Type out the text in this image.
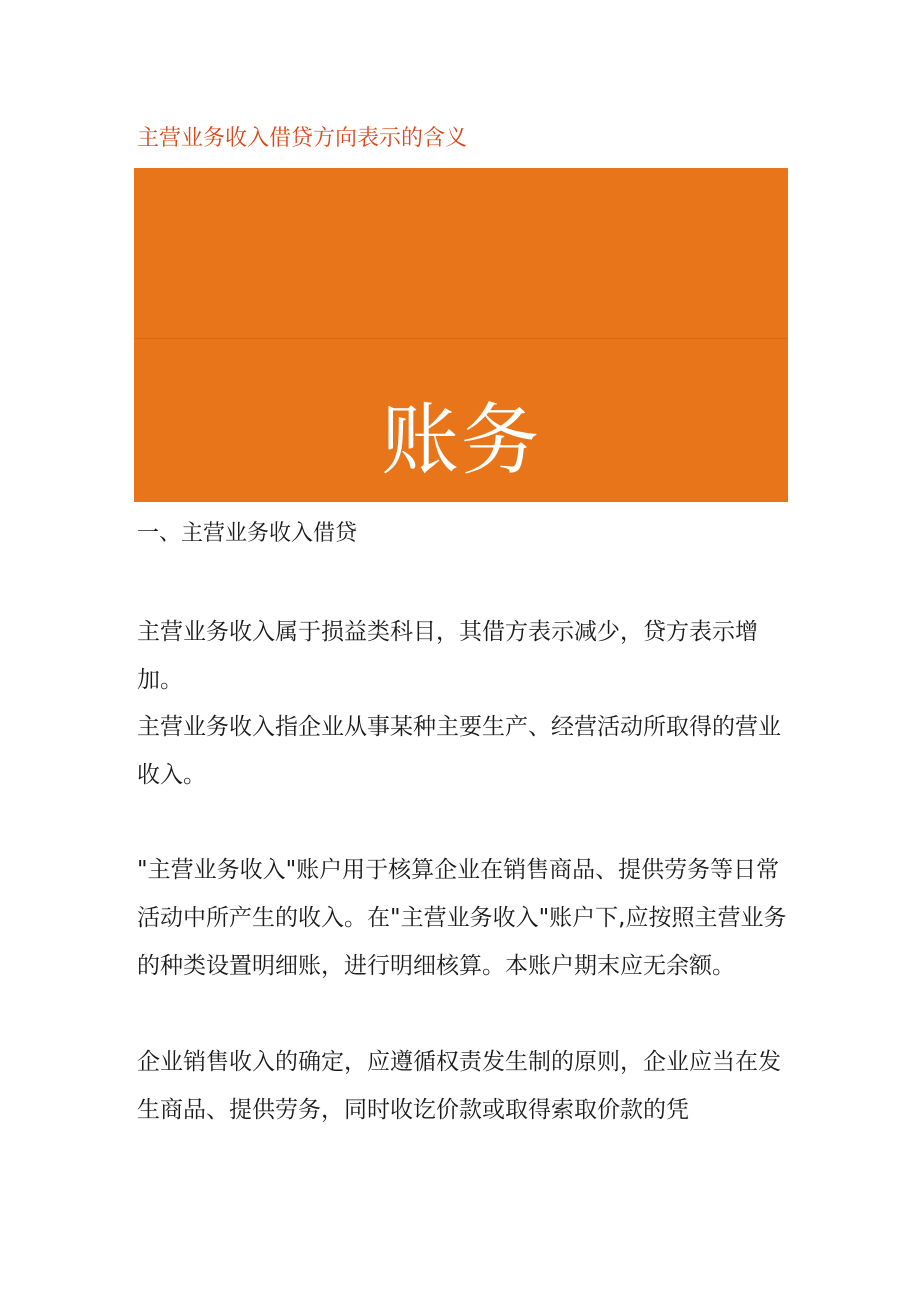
主营业务收入借贷方向表示的含义
账务
处理
一、主营业务收入借贷

主营业务收入属于损益类科目，其借方表示减少，贷方表示增加。

主营业务收入指企业从事某种主要生产、经营活动所取得的营业收入。

"主营业务收入"账户用于核算企业在销售商品、提供劳务等日常活动中所产生的收入。在"主营业务收入"账户下,应按照主营业务的种类设置明细账，进行明细核算。本账户期末应无余额。

企业销售收入的确定，应遵循权责发生制的原则，企业应当在发生商品、提供劳务，同时收讫价款或取得索取价款的凭
